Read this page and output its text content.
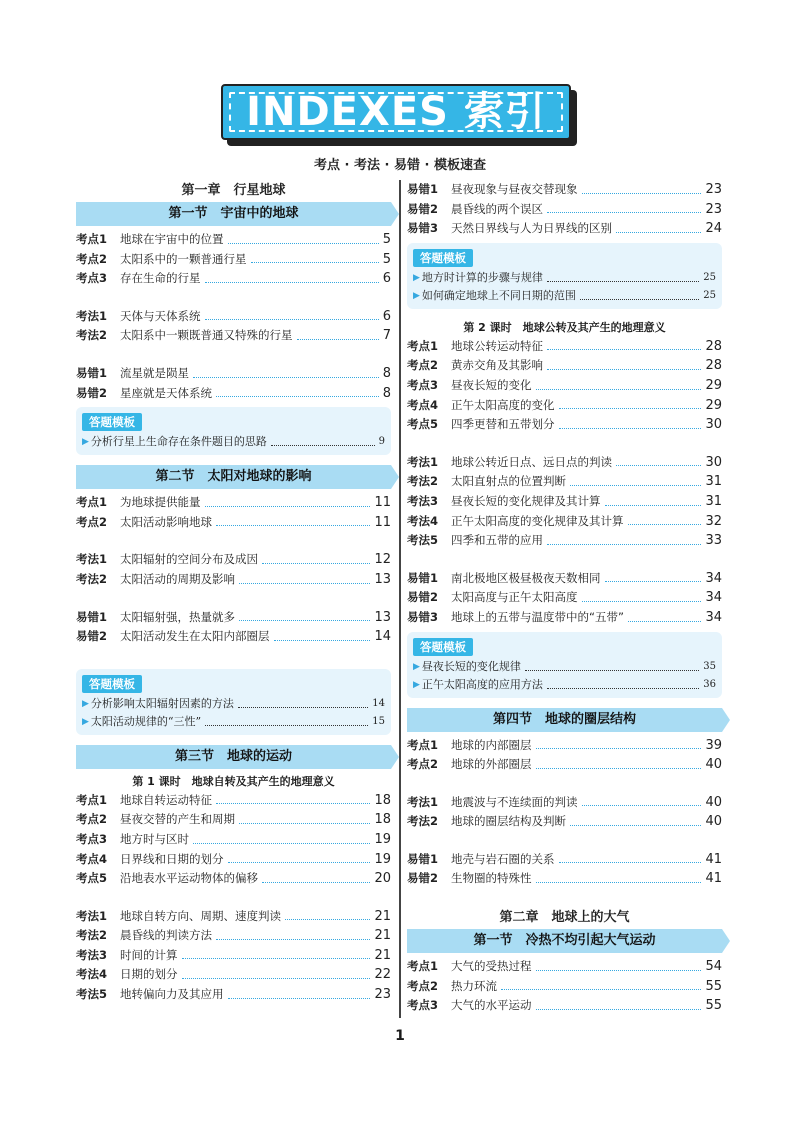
INDEXES 索引
考点 · 考法 · 易错 · 模板速查
第一章　行星地球
第一节　宇宙中的地球
考点1	地球在宇宙中的位置	5
考点2	太阳系中的一颗普通行星	5
考点3	存在生命的行星	6
考法1	天体与天体系统	6
考法2	太阳系中一颗既普通又特殊的行星	7
易错1	流星就是陨星	8
易错2	星座就是天体系统	8
答题模板
▶ 分析行星上生命存在条件题目的思路	9
第二节　太阳对地球的影响
考点1	为地球提供能量	11
考点2	太阳活动影响地球	11
考法1	太阳辐射的空间分布及成因	12
考法2	太阳活动的周期及影响	13
易错1	太阳辐射强，热量就多	13
易错2	太阳活动发生在太阳内部圈层	14
答题模板
▶ 分析影响太阳辐射因素的方法	14
▶ 太阳活动规律的“三性”	15
第三节　地球的运动
第 1 课时　地球自转及其产生的地理意义
考点1	地球自转运动特征	18
考点2	昼夜交替的产生和周期	18
考点3	地方时与区时	19
考点4	日界线和日期的划分	19
考点5	沿地表水平运动物体的偏移	20
考法1	地球自转方向、周期、速度判读	21
考法2	晨昏线的判读方法	21
考法3	时间的计算	21
考法4	日期的划分	22
考法5	地转偏向力及其应用	23
易错1	昼夜现象与昼夜交替现象	23
易错2	晨昏线的两个误区	23
易错3	天然日界线与人为日界线的区别	24
答题模板
▶ 地方时计算的步骤与规律	25
▶ 如何确定地球上不同日期的范围	25
第 2 课时　地球公转及其产生的地理意义
考点1	地球公转运动特征	28
考点2	黄赤交角及其影响	28
考点3	昼夜长短的变化	29
考点4	正午太阳高度的变化	29
考点5	四季更替和五带划分	30
考法1	地球公转近日点、远日点的判读	30
考法2	太阳直射点的位置判断	31
考法3	昼夜长短的变化规律及其计算	31
考法4	正午太阳高度的变化规律及其计算	32
考法5	四季和五带的应用	33
易错1	南北极地区极昼极夜天数相同	34
易错2	太阳高度与正午太阳高度	34
易错3	地球上的五带与温度带中的“五带”	34
答题模板
▶ 昼夜长短的变化规律	35
▶ 正午太阳高度的应用方法	36
第四节　地球的圈层结构
考点1	地球的内部圈层	39
考点2	地球的外部圈层	40
考法1	地震波与不连续面的判读	40
考法2	地球的圈层结构及判断	40
易错1	地壳与岩石圈的关系	41
易错2	生物圈的特殊性	41
第二章　地球上的大气
第一节　冷热不均引起大气运动
考点1	大气的受热过程	54
考点2	热力环流	55
考点3	大气的水平运动	55
1
